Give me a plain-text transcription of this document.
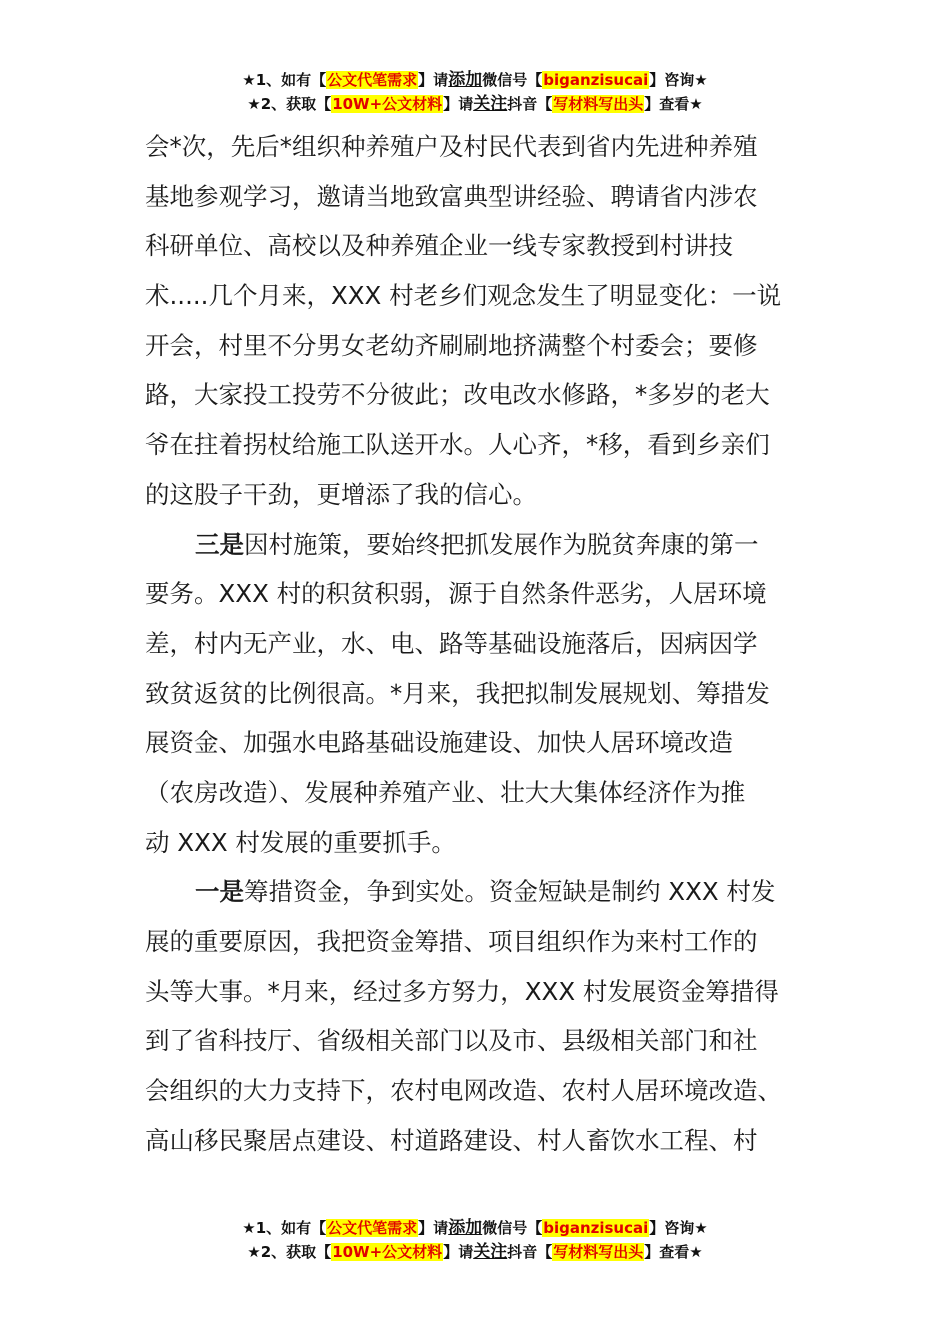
★1、如有【公文代笔需求】请添加微信号【biganzisucai】咨询★
★2、获取【10W+公文材料】请关注抖音【写材料写出头】查看★
会*次，先后*组织种养殖户及村民代表到省内先进种养殖
基地参观学习，邀请当地致富典型讲经验、聘请省内涉农
科研单位、高校以及种养殖企业一线专家教授到村讲技
术.....几个月来，XXX 村老乡们观念发生了明显变化：一说
开会，村里不分男女老幼齐刷刷地挤满整个村委会；要修
路，大家投工投劳不分彼此；改电改水修路，*多岁的老大
爷在拄着拐杖给施工队送开水。人心齐，*移，看到乡亲们
的这股子干劲，更增添了我的信心。
三是因村施策，要始终把抓发展作为脱贫奔康的第一
要务。XXX 村的积贫积弱，源于自然条件恶劣，人居环境
差，村内无产业，水、电、路等基础设施落后，因病因学
致贫返贫的比例很高。*月来，我把拟制发展规划、筹措发
展资金、加强水电路基础设施建设、加快人居环境改造
（农房改造）、发展种养殖产业、壮大大集体经济作为推
动 XXX 村发展的重要抓手。
一是筹措资金，争到实处。资金短缺是制约 XXX 村发
展的重要原因，我把资金筹措、项目组织作为来村工作的
头等大事。*月来，经过多方努力，XXX 村发展资金筹措得
到了省科技厅、省级相关部门以及市、县级相关部门和社
会组织的大力支持下，农村电网改造、农村人居环境改造、
高山移民聚居点建设、村道路建设、村人畜饮水工程、村
★1、如有【公文代笔需求】请添加微信号【biganzisucai】咨询★
★2、获取【10W+公文材料】请关注抖音【写材料写出头】查看★
